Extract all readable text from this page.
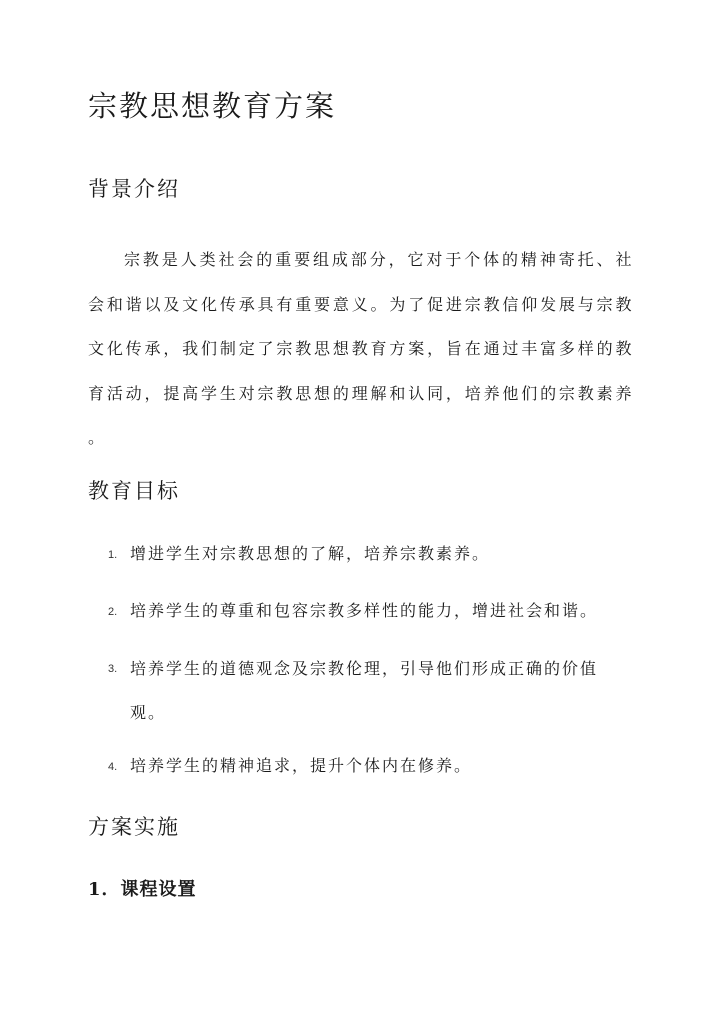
宗教思想教育方案
背景介绍

宗教是人类社会的重要组成部分，它对于个体的精神寄托、社会和谐以及文化传承具有重要意义。为了促进宗教信仰发展与宗教文化传承，我们制定了宗教思想教育方案，旨在通过丰富多样的教育活动，提高学生对宗教思想的理解和认同，培养他们的宗教素养。

教育目标
1. 增进学生对宗教思想的了解，培养宗教素养。
2. 培养学生的尊重和包容宗教多样性的能力，增进社会和谐。
3. 培养学生的道德观念及宗教伦理，引导他们形成正确的价值
观。
4. 培养学生的精神追求，提升个体内在修养。
方案实施
1．课程设置
